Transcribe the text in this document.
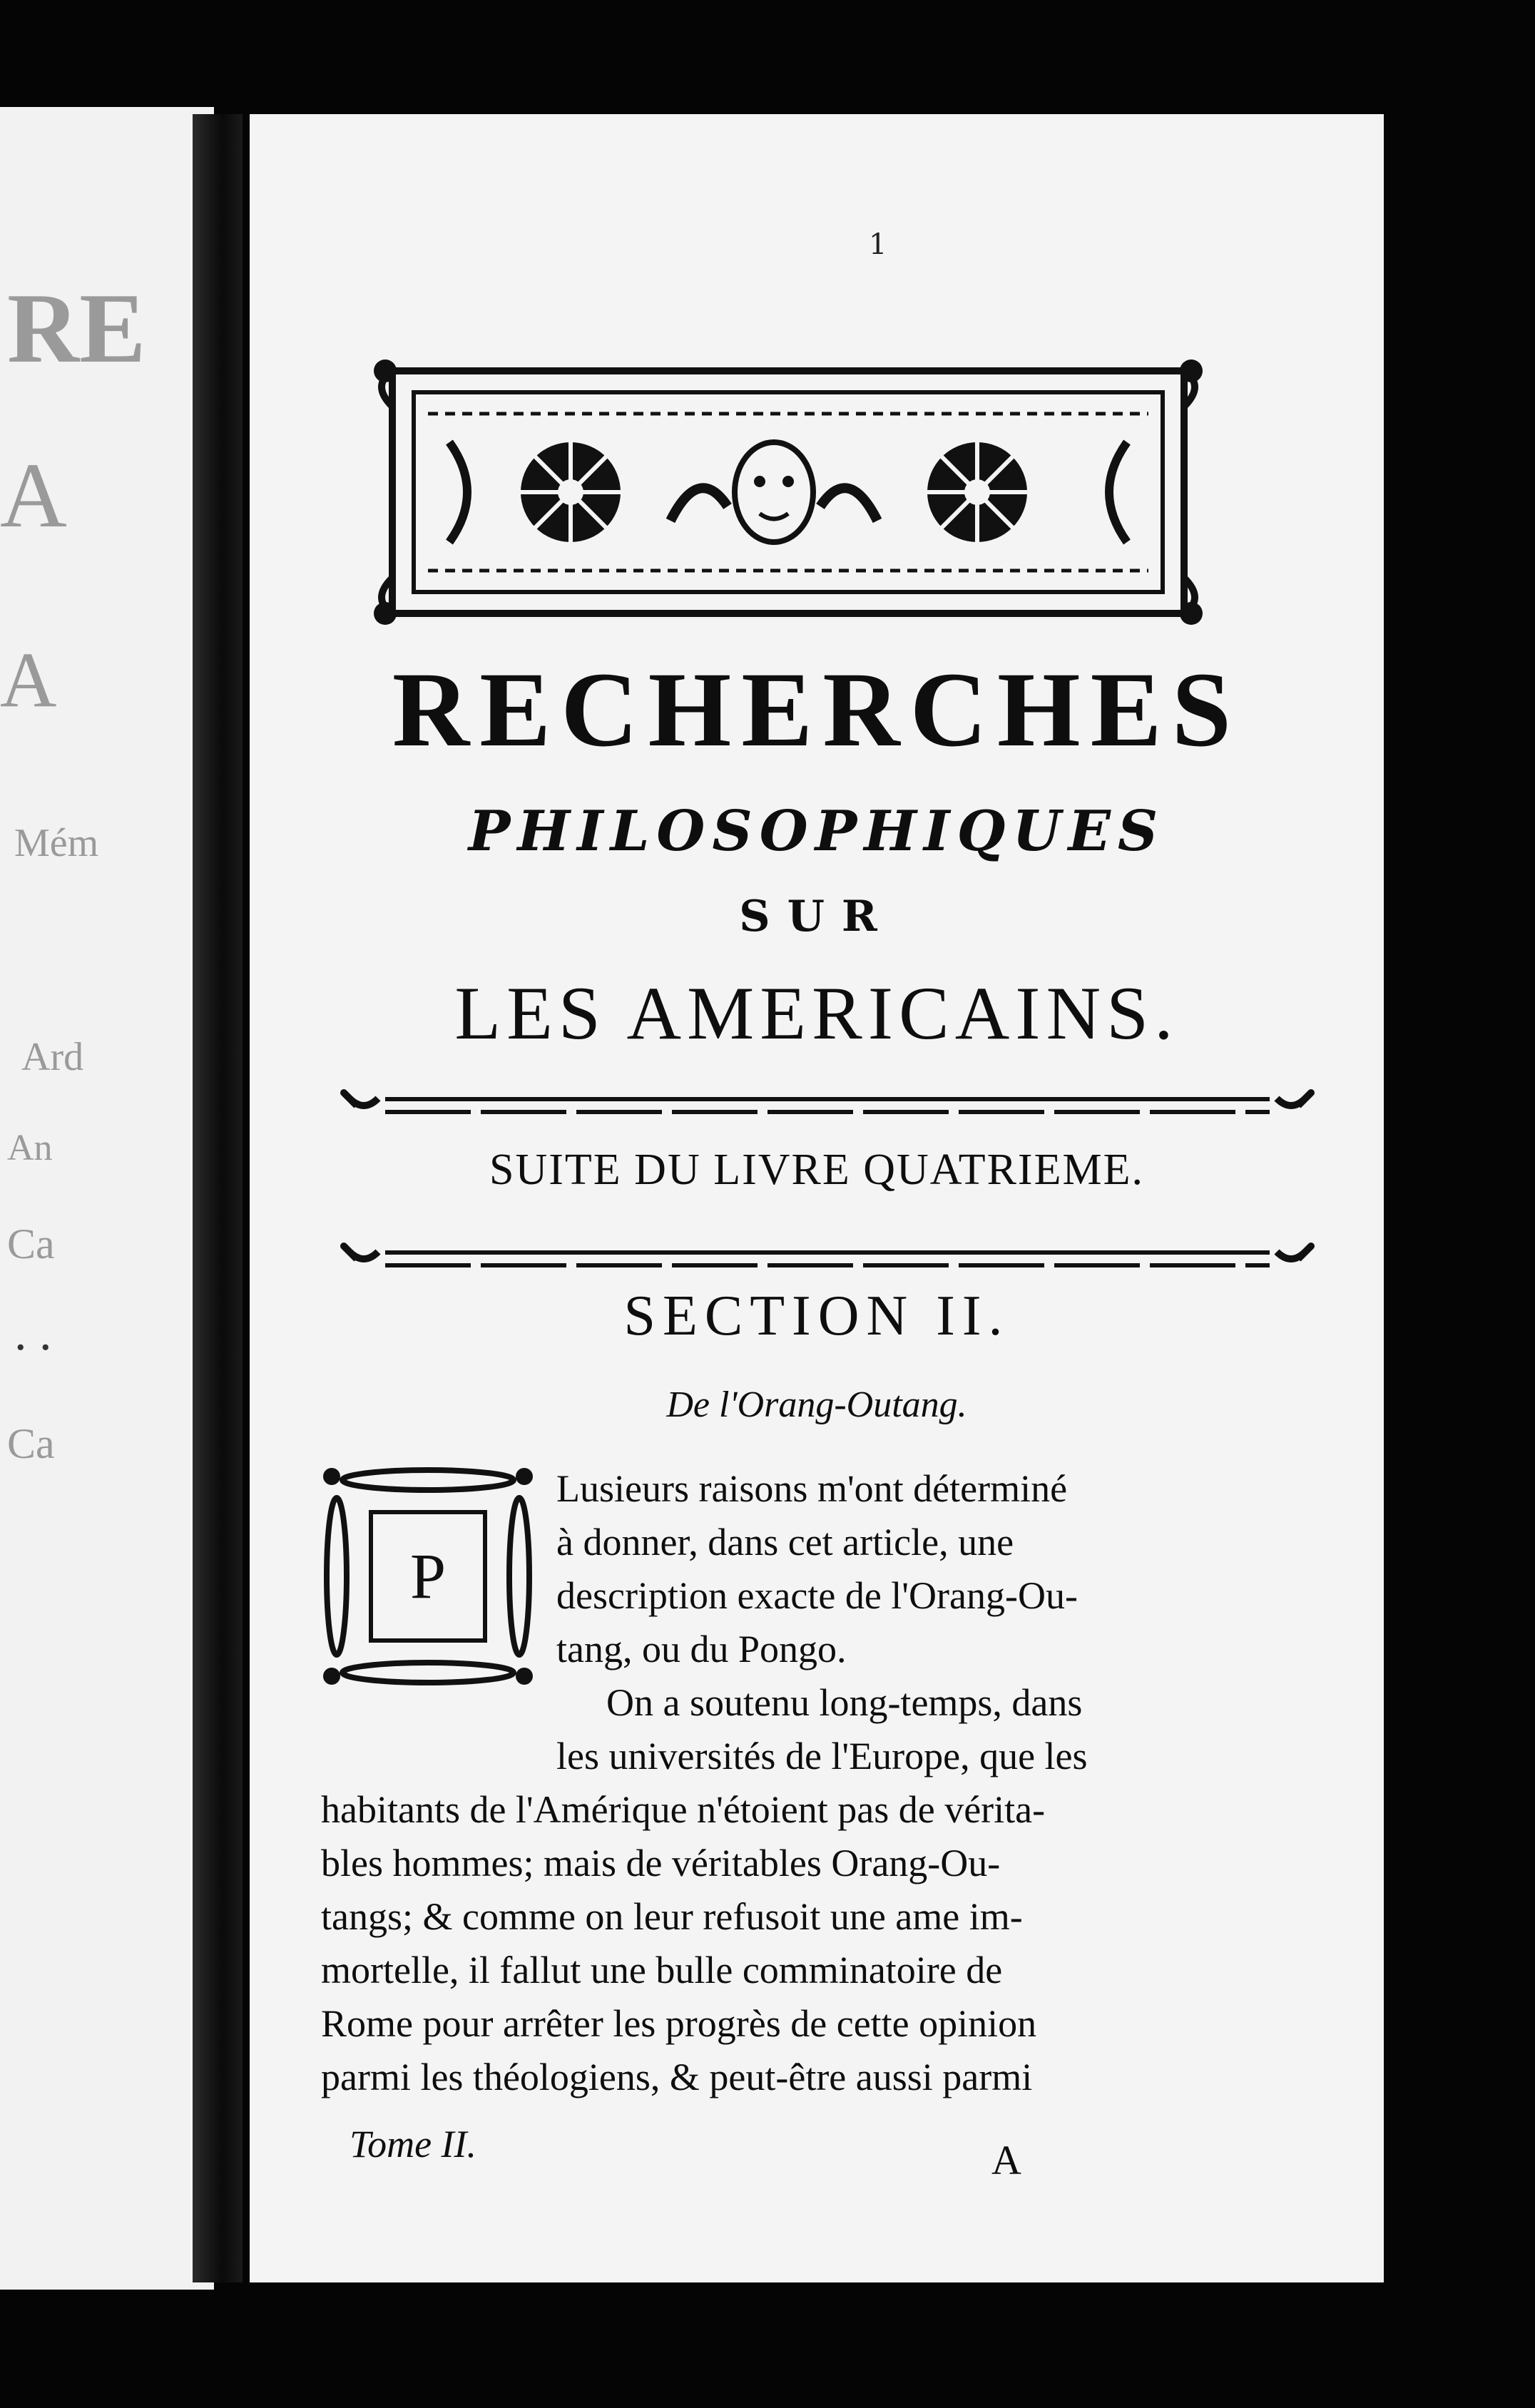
RE
A
A
Mém
Ard
An
Ca
. .
Ca
1
RECHERCHES
PHILOSOPHIQUES
SUR
LES AMERICAINS.
SUITE DU LIVRE QUATRIEME.
SECTION II.
De l'Orang-Outang.
P
Lusieurs raisons m'ont déterminé
à donner, dans cet article, une
description exacte de l'Orang-Ou-
tang, ou du Pongo.
On a soutenu long-temps, dans
les universités de l'Europe, que les
habitants de l'Amérique n'étoient pas de vérita-
bles hommes; mais de véritables Orang-Ou-
tangs; & comme on leur refusoit une ame im-
mortelle, il fallut une bulle comminatoire de
Rome pour arrêter les progrès de cette opinion
parmi les théologiens, & peut-être aussi parmi
Tome II.	A
